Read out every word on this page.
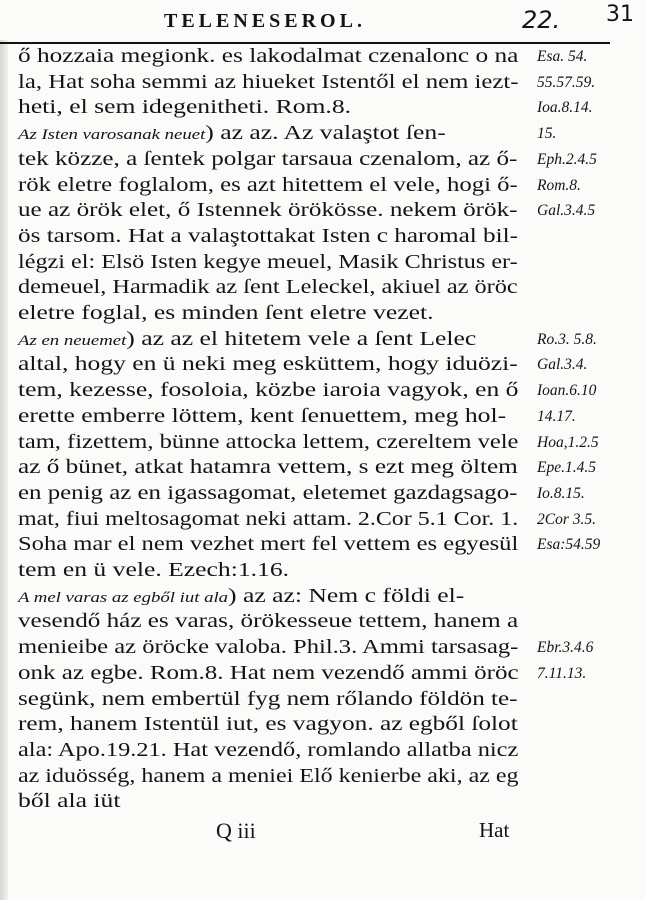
TELENESEROL.	22. 31
ő hozzaia megionk. es lakodalmat czenalonc o na
la, Hat soha semmi az hiueket Istentől el nem iezt-
heti, el sem idegenitheti. Rom.8.
Az Isten varosanak neuet) az az. Az valaştot ſen-
tek közze, a ſentek polgar tarsaua czenalom, az ő-
rök eletre foglalom, es azt hitettem el vele, hogi ő-
ue az örök elet, ő Istennek örökösse. nekem örök-
ös tarsom. Hat a valaştottakat Isten c haromal bil-
légzi el: Elsö Isten kegye meuel, Masik Christus er-
demeuel, Harmadik az ſent Leleckel, akiuel az öröc
eletre foglal, es minden ſent eletre vezet.
Az en neuemet) az az el hitetem vele a ſent Lelec
altal, hogy en ü neki meg esküttem, hogy iduözi-
tem, kezesse, fosoloia, közbe iaroia vagyok, en ő
erette emberre löttem, kent ſenuettem, meg hol-
tam, fizettem, bünne attocka lettem, czereltem vele
az ő bünet, atkat hatamra vettem, s ezt meg öltem
en penig az en igassagomat, eletemet gazdagsago-
mat, fiui meltosagomat neki attam. 2.Cor 5.1 Cor. 1.
Soha mar el nem vezhet mert fel vettem es egyesül
tem en ü vele. Ezech:1.16.
A mel varas az egből iut ala) az az: Nem c földi el-
vesendő ház es varas, örökesseue tettem, hanem a
menieibe az öröcke valoba. Phil.3. Ammi tarsasag-
onk az egbe. Rom.8. Hat nem vezendő ammi öröc
segünk, nem embertül fyg nem rőlando földön te-
rem, hanem Istentül iut, es vagyon. az egből ſolot
ala: Apo.19.21. Hat vezendő, romlando allatba nicz
az iduösség, hanem a meniei Elő kenierbe aki, az eg
ből ala iüt
Esa. 54.
55.57.59.
Ioa.8.14.
15.
Eph.2.4.5
Rom.8.
Gal.3.4.5
Ro.3. 5.8.
Gal.3.4.
Ioan.6.10
14.17.
Hoa,1.2.5
Epe.1.4.5
Io.8.15.
2Cor 3.5.
Esa:54.59
Ebr.3.4.6
7.11.13.
Q iii	Hat
